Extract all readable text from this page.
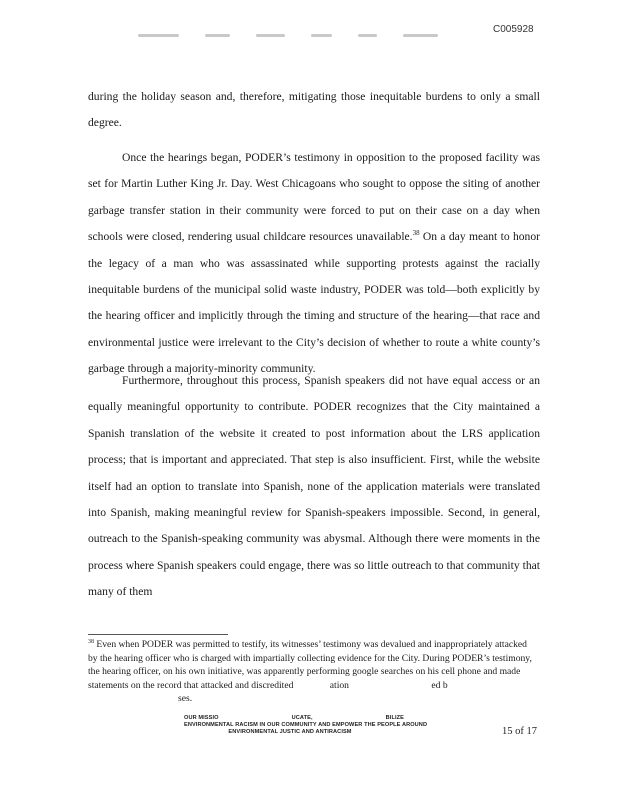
C005928

during the holiday season and, therefore, mitigating those inequitable burdens to only a small degree.

Once the hearings began, PODER’s testimony in opposition to the proposed facility was set for Martin Luther King Jr. Day. West Chicagoans who sought to oppose the siting of another garbage transfer station in their community were forced to put on their case on a day when schools were closed, rendering usual childcare resources unavailable.$^{38}$ On a day meant to honor the legacy of a man who was assassinated while supporting protests against the racially inequitable burdens of the municipal solid waste industry, PODER was told—both explicitly by the hearing officer and implicitly through the timing and structure of the hearing—that race and environmental justice were irrelevant to the City’s decision of whether to route a white county’s garbage through a majority-minority community.

Furthermore, throughout this process, Spanish speakers did not have equal access or an equally meaningful opportunity to contribute. PODER recognizes that the City maintained a Spanish translation of the website it created to post information about the LRS application process; that is important and appreciated. That step is also insufficient. First, while the website itself had an option to translate into Spanish, none of the application materials were translated into Spanish, making meaningful review for Spanish-speakers impossible. Second, in general, outreach to the Spanish-speaking community was abysmal. Although there were moments in the process where Spanish speakers could engage, there was so little outreach to that community that many of them

$^{38}$ Even when PODER was permitted to testify, its witnesses’ testimony was devalued and inappropriately attacked by the hearing officer who is charged with impartially collecting evidence for the City. During PODER’s testimony, the hearing officer, on his own initiative, was apparently performing google searches on his cell phone and made statements on the record that attacked and discredited	ation	ed b ses.
OUR MISSIO	UCATE,	BILIZE
ENVIRONMENTAL RACISM IN OUR COMMUNITY AND EMPOWER THE PEOPLE AROUND
ENVIRONMENTAL JUSTIC AND ANTIRACISM	15 of 17
